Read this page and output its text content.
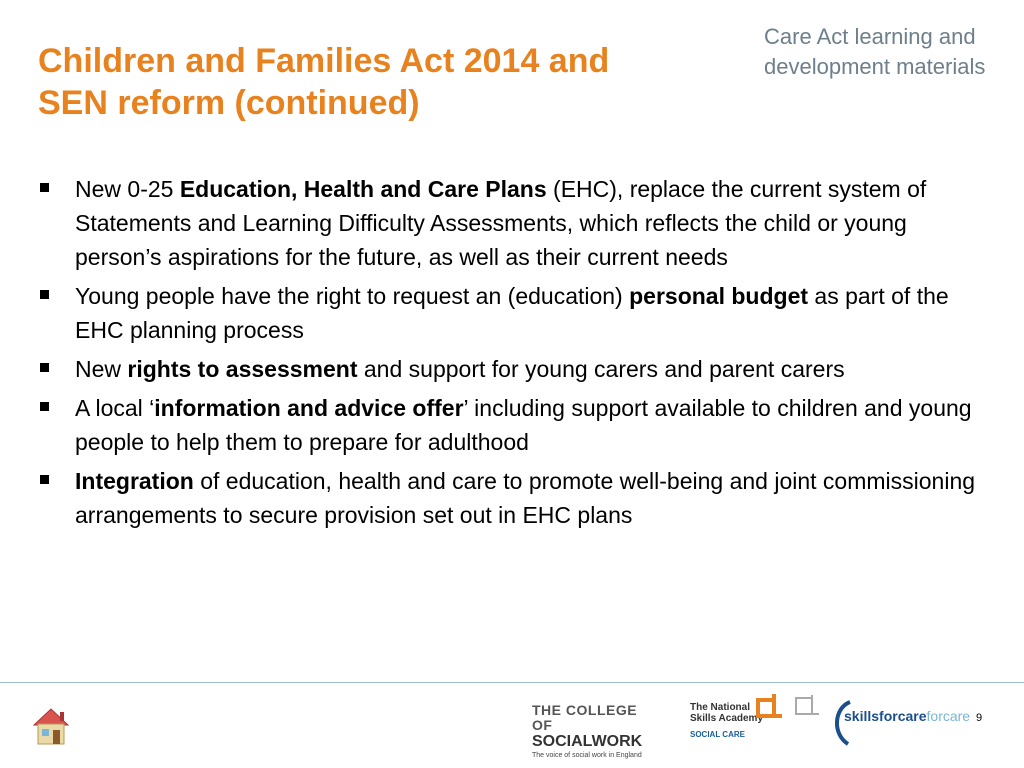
Children and Families Act 2014 and
SEN reform (continued)
Care Act learning and
development materials
New 0-25 Education, Health and Care Plans (EHC), replace the current system of Statements and Learning Difficulty Assessments, which reflects the child or young person’s aspirations for the future, as well as their current needs
Young people have the right to request an (education) personal budget as part of the EHC planning process
New rights to assessment and support for young carers and parent carers
A local ‘information and advice offer’ including support available to children and young people to help them to prepare for adulthood
Integration of education, health and care to promote well-being and joint commissioning arrangements to secure provision set out in EHC plans
THE COLLEGE OF
SOCIALWORK
The voice of social work in England
The National
Skills Academy
SOCIAL CARE
skillsforcareforcare 9
